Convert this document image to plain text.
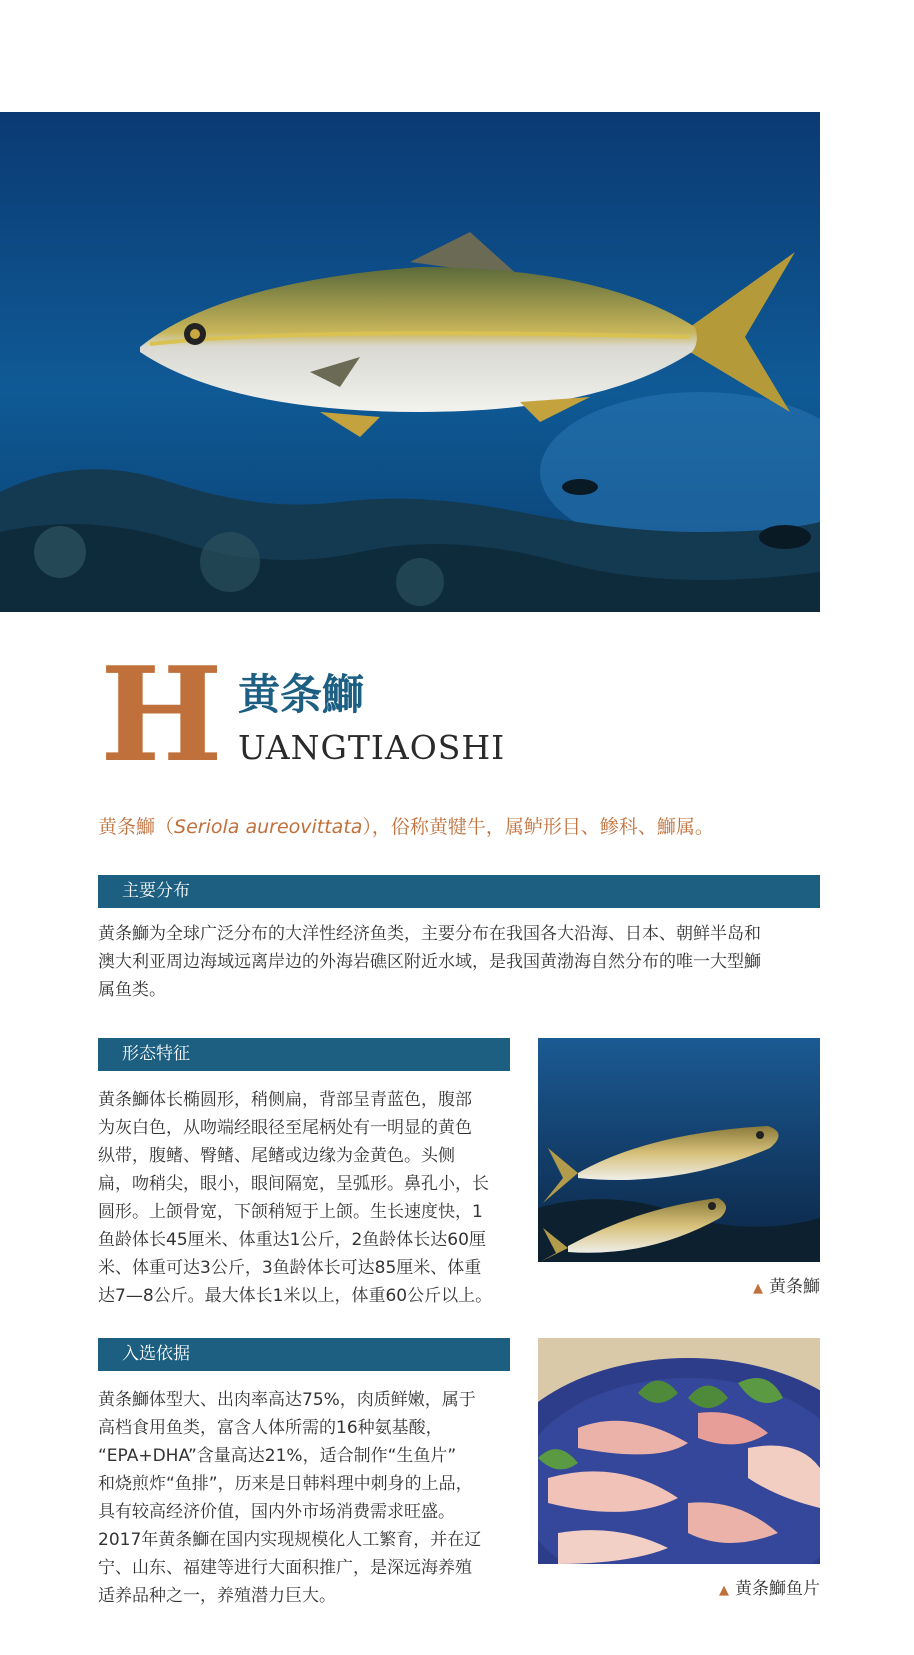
H 黄条鰤
UANGTIAOSHI
黄条鰤（Seriola aureovittata），俗称黄犍牛，属鲈形目、鲹科、鰤属。
主要分布
黄条鰤为全球广泛分布的大洋性经济鱼类，主要分布在我国各大沿海、日本、朝鲜半岛和
澳大利亚周边海域远离岸边的外海岩礁区附近水域，是我国黄渤海自然分布的唯一大型鰤
属鱼类。
形态特征
黄条鰤体长椭圆形，稍侧扁，背部呈青蓝色，腹部
为灰白色，从吻端经眼径至尾柄处有一明显的黄色
纵带，腹鳍、臀鳍、尾鳍或边缘为金黄色。头侧
扁，吻稍尖，眼小，眼间隔宽，呈弧形。鼻孔小，长
圆形。上颌骨宽，下颌稍短于上颌。生长速度快，1
鱼龄体长45厘米、体重达1公斤，2鱼龄体长达60厘
米、体重可达3公斤，3鱼龄体长可达85厘米、体重
达7—8公斤。最大体长1米以上，体重60公斤以上。	▲ 黄条鰤
入选依据
黄条鰤体型大、出肉率高达75%，肉质鲜嫩，属于
高档食用鱼类，富含人体所需的16种氨基酸，
“EPA+DHA”含量高达21%，适合制作“生鱼片”
和烧煎炸“鱼排”，历来是日韩料理中刺身的上品，
具有较高经济价值，国内外市场消费需求旺盛。
2017年黄条鰤在国内实现规模化人工繁育，并在辽
宁、山东、福建等进行大面积推广，是深远海养殖
适养品种之一，养殖潜力巨大。	▲ 黄条鰤鱼片
